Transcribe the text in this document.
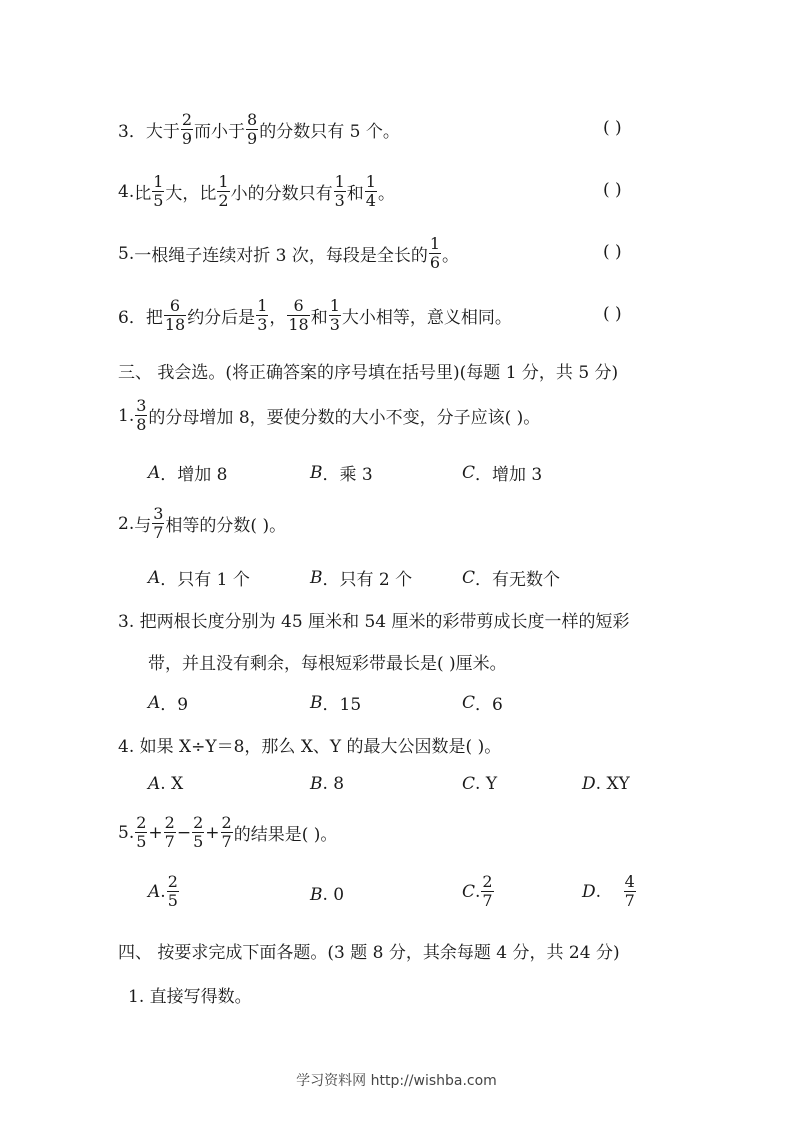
3． 大于 $\frac{2}{9}$ 而小于 $\frac{8}{9}$ 的分数只有 5 个。	( )
4. 比 $\frac{1}{5}$ 大，比 $\frac{1}{2}$ 小的分数只有 $\frac{1}{3}$ 和 $\frac{1}{4}$ 。	( )
5. 一根绳子连续对折 3 次，每段是全长的 $\frac{1}{6}$ 。	( )
6． 把 $\frac{6}{18}$ 约分后是 $\frac{1}{3}$ ， $\frac{6}{18}$ 和 $\frac{1}{3}$ 大小相等，意义相同。	( )
三、 我会选。(将正确答案的序号填在括号里)(每题 1 分，共 5 分)
1. $\frac{3}{8}$ 的分母增加 8，要使分数的大小不变，分子应该( )。
A ．增加 8	B ．乘 3	C ．增加 3
2. 与 $\frac{3}{7}$ 相等的分数( )。
A ．只有 1 个	B ．只有 2 个	C ．有无数个
3. 把两根长度分别为 45 厘米和 54 厘米的彩带剪成长度一样的短彩
带，并且没有剩余，每根短彩带最长是( )厘米。
A ．9	B ．15	C ．6
4. 如果 X÷Y＝8，那么 X、Y 的最大公因数是( )。
A . X	B . 8	C . Y	D . XY
5. $\frac{2}{5} + \frac{2}{7} - \frac{2}{5} + \frac{2}{7}$ 的结果是( )。
A . $\frac{2}{5}$	B . 0	C . $\frac{2}{7}$	D . $\frac{4}{7}$
四、 按要求完成下面各题。(3 题 8 分，其余每题 4 分，共 24 分)
1. 直接写得数。
学习资料网 http://wishba.com
